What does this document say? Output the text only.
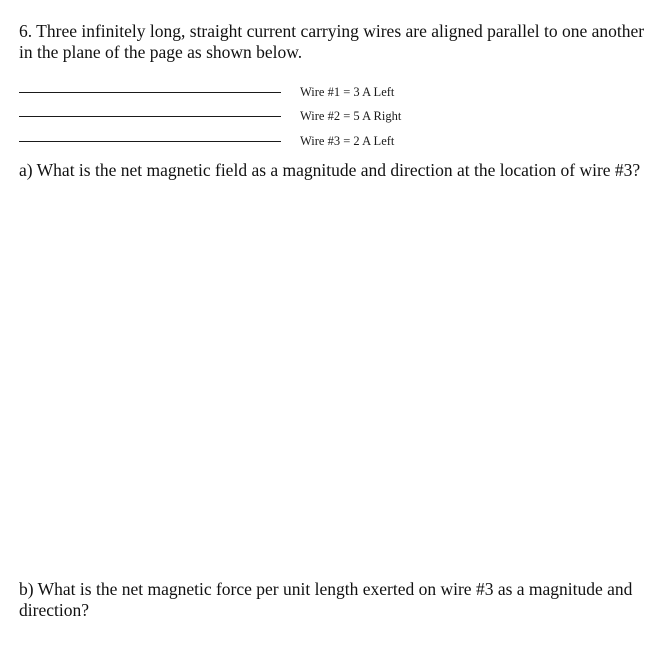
6. Three infinitely long, straight current carrying wires are aligned parallel to one another in the plane of the page as shown below.

Wire #1 = 3 A Left
Wire #2 = 5 A Right
Wire #3 = 2 A Left

a) What is the net magnetic field as a magnitude and direction at the location of wire #3?

b) What is the net magnetic force per unit length exerted on wire #3 as a magnitude and direction?
